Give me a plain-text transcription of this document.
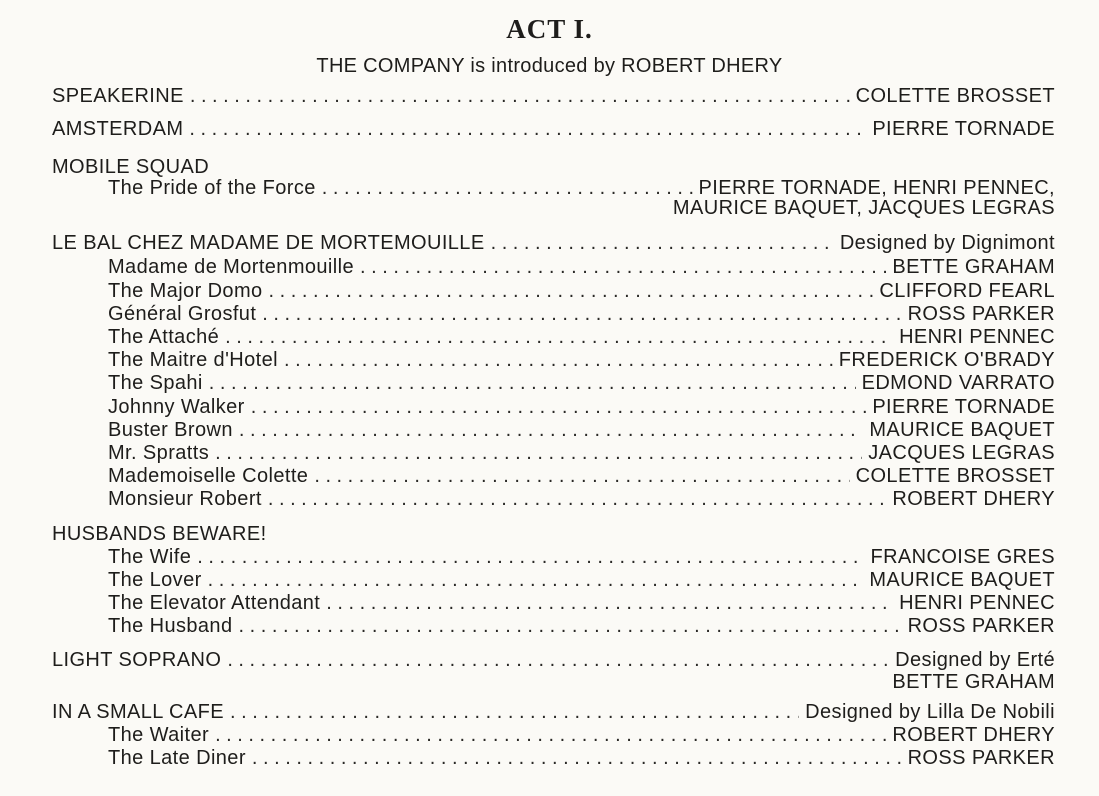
ACT I.
THE COMPANY is introduced by ROBERT DHERY
SPEAKERINE . . .	COLETTE BROSSET
AMSTERDAM . . .	PIERRE TORNADE
MOBILE SQUAD
The Pride of the Force . . .	PIERRE TORNADE, HENRI PENNEC,
MAURICE BAQUET, JACQUES LEGRAS
LE BAL CHEZ MADAME DE MORTEMOUILLE . . .	Designed by Dignimont
Madame de Mortenmouille . . .	BETTE GRAHAM
The Major Domo . . .	CLIFFORD FEARL
Général Grosfut . . .	ROSS PARKER
The Attaché . . .	HENRI PENNEC
The Maitre d'Hotel . . .	FREDERICK O'BRADY
The Spahi . . .	EDMOND VARRATO
Johnny Walker . . .	PIERRE TORNADE
Buster Brown . . .	MAURICE BAQUET
Mr. Spratts . . .	JACQUES LEGRAS
Mademoiselle Colette . . .	COLETTE BROSSET
Monsieur Robert . . .	ROBERT DHERY
HUSBANDS BEWARE!
The Wife . . .	FRANCOISE GRES
The Lover . . .	MAURICE BAQUET
The Elevator Attendant . . .	HENRI PENNEC
The Husband . . .	ROSS PARKER
LIGHT SOPRANO . . .	Designed by Erté
BETTE GRAHAM
IN A SMALL CAFE . . .	Designed by Lilla De Nobili
The Waiter . . .	ROBERT DHERY
The Late Diner . . .	ROSS PARKER
